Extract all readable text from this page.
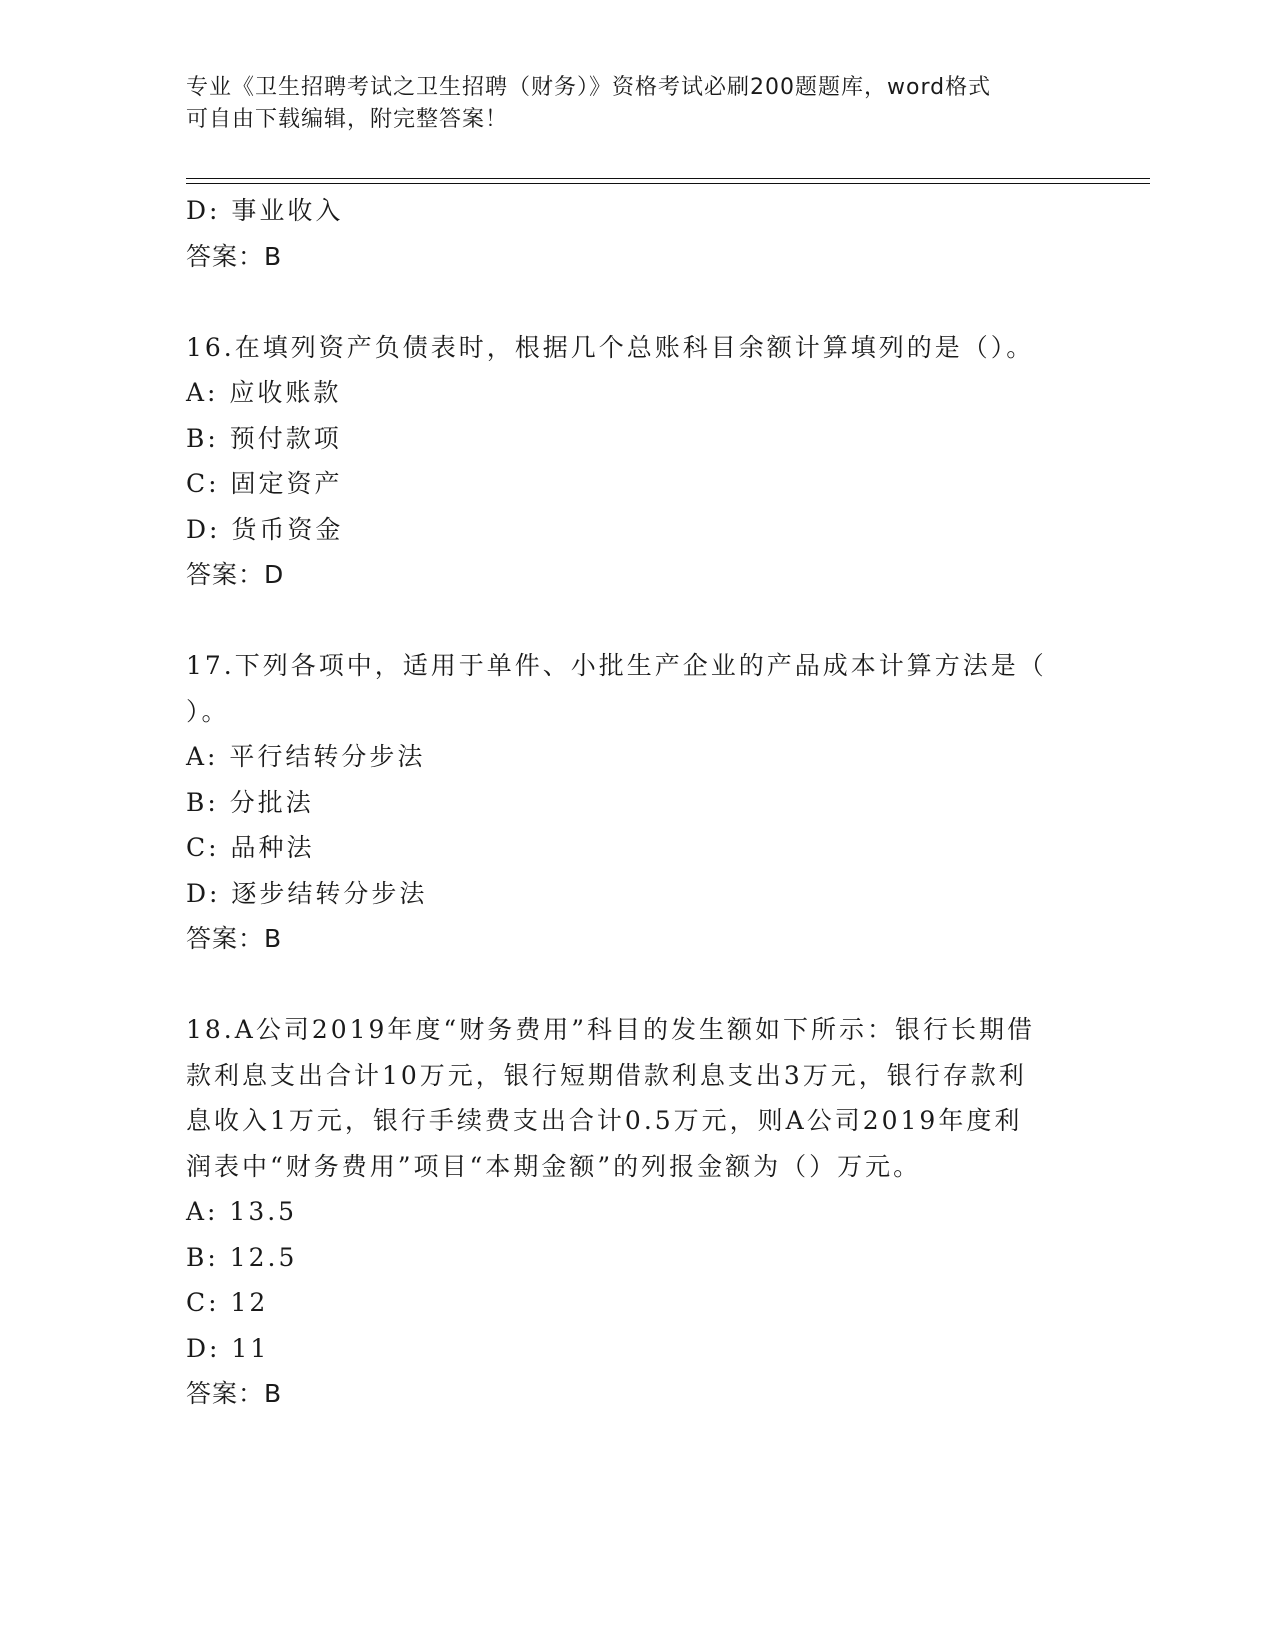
专业《卫生招聘考试之卫生招聘（财务）》资格考试必刷200题题库，word格式
可自由下载编辑，附完整答案！
D: 事业收入
答案：B
16.在填列资产负债表时，根据几个总账科目余额计算填列的是（）。
A: 应收账款
B: 预付款项
C: 固定资产
D: 货币资金
答案：D
17.下列各项中，适用于单件、小批生产企业的产品成本计算方法是（
）。
A: 平行结转分步法
B: 分批法
C: 品种法
D: 逐步结转分步法
答案：B
18.A公司2019年度“财务费用”科目的发生额如下所示：银行长期借
款利息支出合计10万元，银行短期借款利息支出3万元，银行存款利
息收入1万元，银行手续费支出合计0.5万元，则A公司2019年度利
润表中“财务费用”项目“本期金额”的列报金额为（）万元。
A: 13.5
B: 12.5
C: 12
D: 11
答案：B
